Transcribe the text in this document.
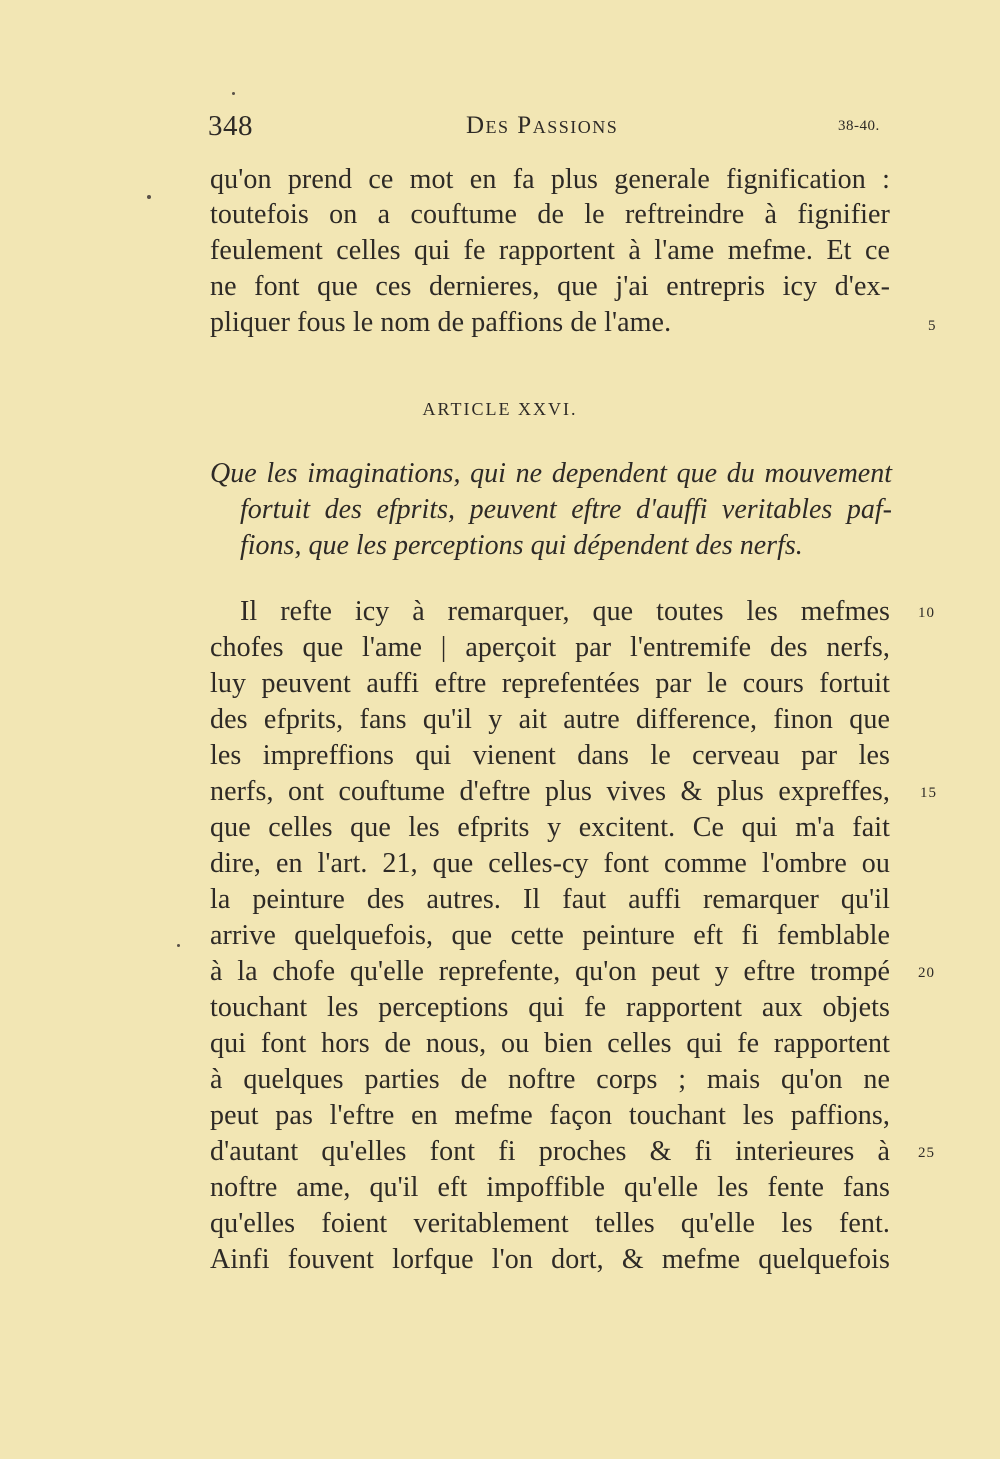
348	Des Passions	38-40.
qu'on prend ce mot en fa plus generale fignification :
toutefois on a couftume de le reftreindre à fignifier
feulement celles qui fe rapportent à l'ame mefme. Et ce
ne font que ces dernieres, que j'ai entrepris icy d'ex-
pliquer fous le nom de paffions de l'ame.	5
ARTICLE XXVI.
Que les imaginations, qui ne dependent que du mouvement
fortuit des efprits, peuvent eftre d'auffi veritables paf-
fions, que les perceptions qui dépendent des nerfs.
Il refte icy à remarquer, que toutes les mefmes
chofes que l'ame | aperçoit par l'entremife des nerfs,
luy peuvent auffi eftre reprefentées par le cours fortuit
des efprits, fans qu'il y ait autre difference, finon que
les impreffions qui vienent dans le cerveau par les
nerfs, ont couftume d'eftre plus vives & plus expreffes,
que celles que les efprits y excitent. Ce qui m'a fait
dire, en l'art. 21, que celles-cy font comme l'ombre ou
la peinture des autres. Il faut auffi remarquer qu'il
arrive quelquefois, que cette peinture eft fi femblable
à la chofe qu'elle reprefente, qu'on peut y eftre trompé
touchant les perceptions qui fe rapportent aux objets
qui font hors de nous, ou bien celles qui fe rapportent
à quelques parties de noftre corps ; mais qu'on ne
peut pas l'eftre en mefme façon touchant les paffions,
d'autant qu'elles font fi proches & fi interieures à
noftre ame, qu'il eft impoffible qu'elle les fente fans
qu'elles foient veritablement telles qu'elle les fent.
Ainfi fouvent lorfque l'on dort, & mefme quelquefois
10
15
20
25
